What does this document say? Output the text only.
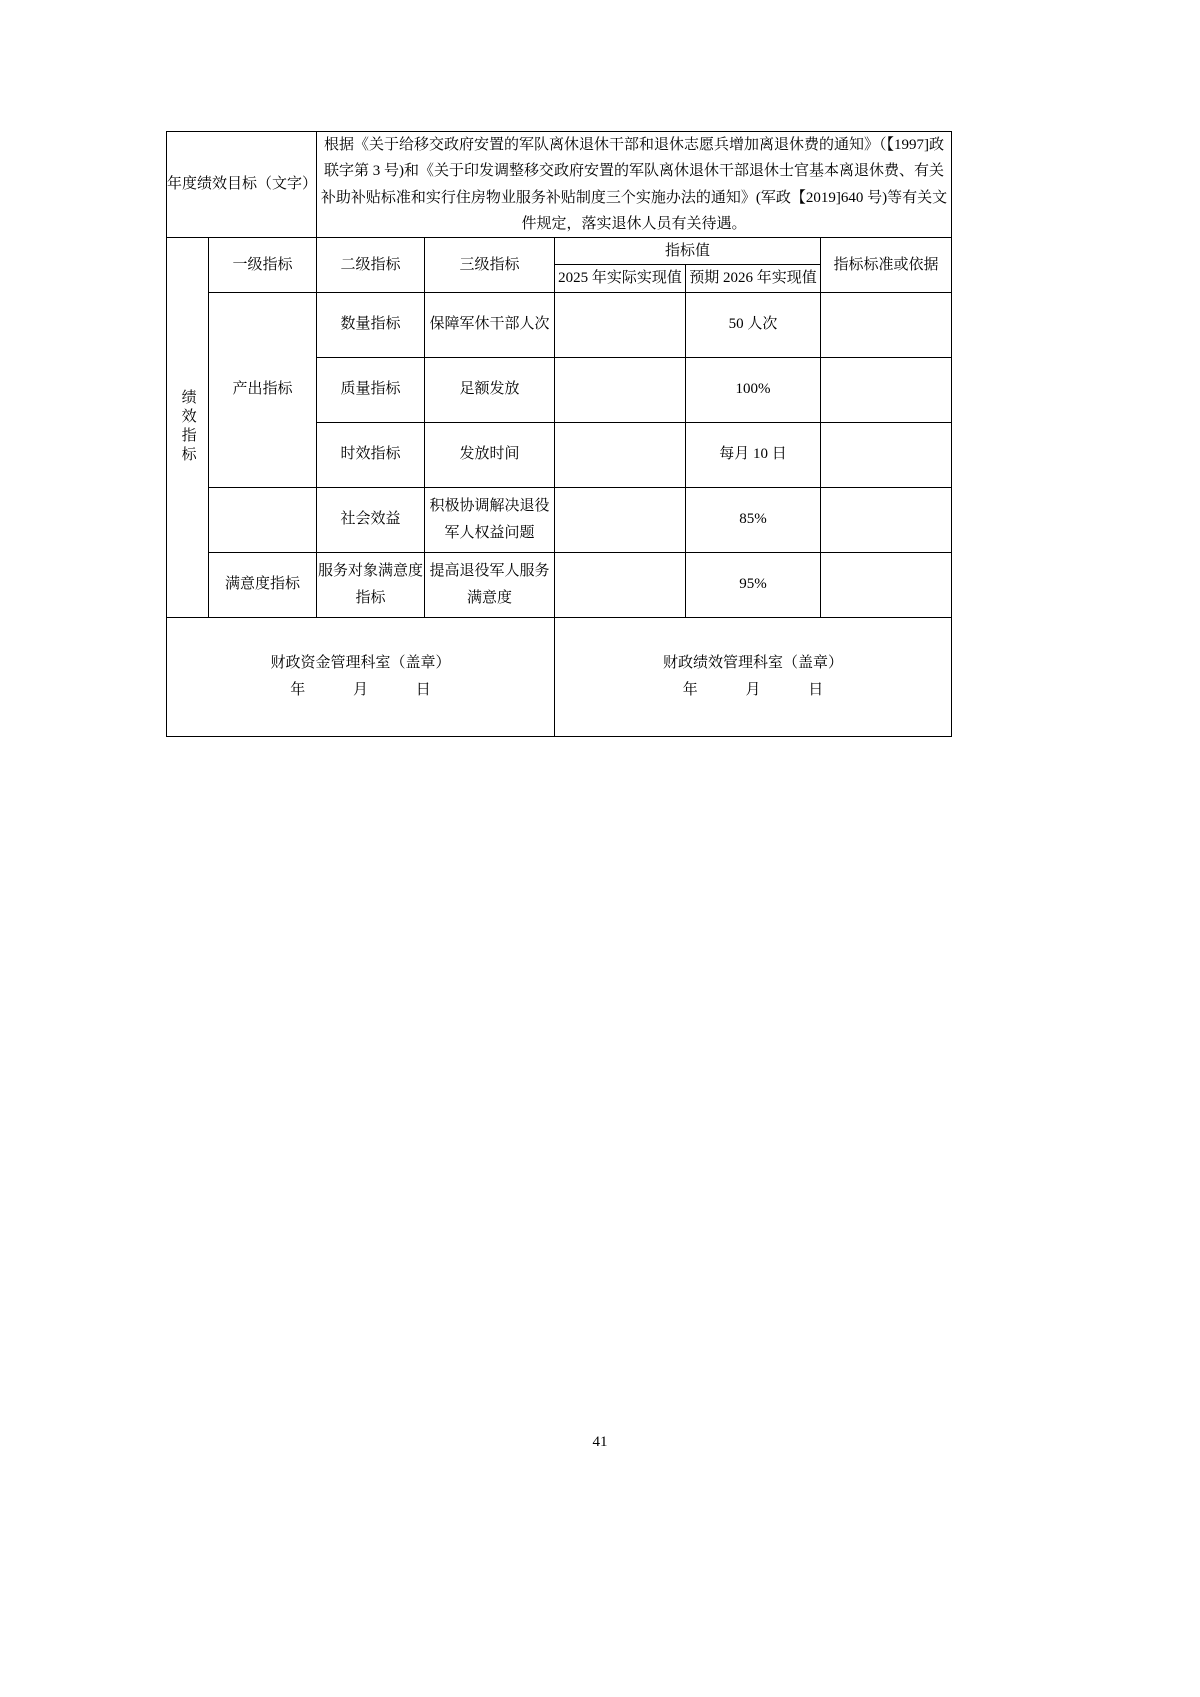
年度绩效目标（文字）		根据《关于给移交政府安置的军队离休退休干部和退休志愿兵增加离退休费的通知》（【1997]政联字第 3 号)和《关于印发调整移交政府安置的军队离休退休干部退休士官基本离退休费、有关补助补贴标准和实行住房物业服务补贴制度三个实施办法的通知》(军政【2019]640 号)等有关文件规定，落实退休人员有关待遇。				
绩效指标	一级指标	二级指标	三级指标	指标值		指标标准或依据
				2025 年实际实现值	预期 2026 年实现值	
	产出指标	数量指标	保障军休干部人次		50 人次	
		质量指标	足额发放		100%	
		时效指标	发放时间		每月 10 日	
		社会效益	积极协调解决退役军人权益问题		85%	
	满意度指标	服务对象满意度指标	提高退役军人服务满意度		95%	

财政资金管理科室（盖章）
年	月	日

财政绩效管理科室（盖章）
年	月	日
41
